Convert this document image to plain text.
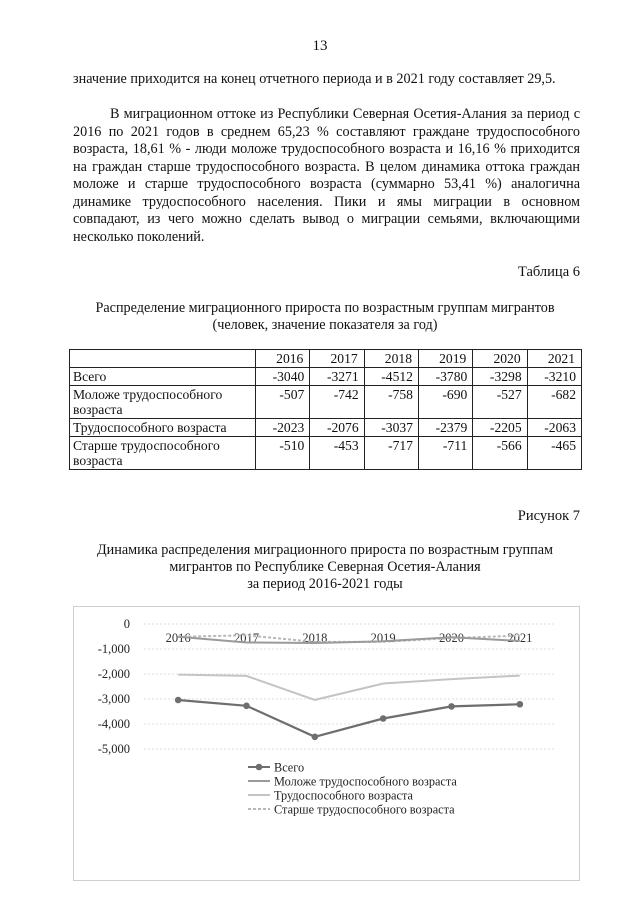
13

значение приходится на конец отчетного периода и в 2021 году составляет 29,5.

В миграционном оттоке из Республики Северная Осетия-Алания за период с 2016 по 2021 годов в среднем 65,23 % составляют граждане трудоспособного возраста, 18,61 % - люди моложе трудоспособного возраста и 16,16 % приходится на граждан старше трудоспособного возраста. В целом динамика оттока граждан моложе и старше трудоспособного возраста (суммарно 53,41 %) аналогична динамике трудоспособного населения. Пики и ямы миграции в основном совпадают, из чего можно сделать вывод о миграции семьями, включающими несколько поколений.

Таблица 6
Распределение миграционного прироста по возрастным группам мигрантов
(человек, значение показателя за год)
	2016	2017	2018	2019	2020	2021
Всего	-3040	-3271	-4512	-3780	-3298	-3210
Моложе трудоспособного возраста	-507	-742	-758	-690	-527	-682
Трудоспособного возраста	-2023	-2076	-3037	-2379	-2205	-2063
Старше трудоспособного возраста	-510	-453	-717	-711	-566	-465
Рисунок 7
Динамика распределения миграционного прироста по возрастным группам
мигрантов по Республике Северная Осетия-Алания
за период 2016-2021 годы
0
-1,000
-2,000
-3,000
-4,000
-5,000
2016	2017	2018	2019	2020	2021
Всего
Моложе трудоспособного возраста
Трудоспособного возраста
Старше трудоспособного возраста
